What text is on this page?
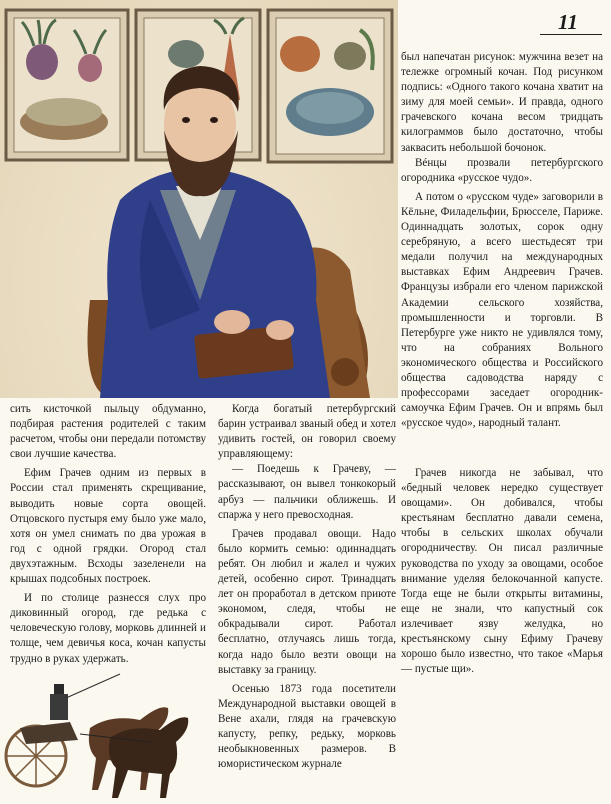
11

был напечатан рисунок: мужчина везет на тележке огромный кочан. Под рисунком подпись: «Одного такого кочана хватит на зиму для моей семьи». И правда, одного грачевского кочана весом тридцать килограммов было достаточно, чтобы заквасить небольшой бочонок.

Вéнцы прозвали петербургского огородника «русское чудо».

А потом о «русском чуде» заговорили в Кёльне, Филадельфии, Брюсселе, Париже. Одиннадцать золотых, сорок одну серебряную, а всего шестьдесят три медали получил на международных выставках Ефим Андреевич Грачев. Французы избрали его членом парижской Академии сельского хозяйства, промышленности и торговли. В Петербурге уже никто не удивлялся тому, что на собраниях Вольного экономического общества и Российского общества садоводства наряду с профессорами заседает огородник-самоучка Ефим Грачев. Он и впрямь был «русское чудо», народный талант.

сить кисточкой пыльцу обдуманно, подбирая растения родителей с таким расчетом, чтобы они передали потомству свои лучшие качества.

Ефим Грачев одним из первых в России стал применять скрещивание, выводить новые сорта овощей. Отцовского пустыря ему было уже мало, хотя он умел снимать по два урожая в год с одной грядки. Огород стал двухэтажным. Всходы зазеленели на крышах подсобных построек.

И по столице разнесся слух про диковинный огород, где редька с человеческую голову, морковь длинней и толще, чем девичья коса, кочан капусты трудно в руках удержать.

Когда богатый петербургский барин устраивал званый обед и хотел удивить гостей, он говорил своему управляющему:

— Поедешь к Грачеву, — рассказывают, он вывел тонкокорый арбуз — пальчики оближешь. И спаржа у него превосходная.

Грачев продавал овощи. Надо было кормить семью: одиннадцать ребят. Он любил и жалел и чужих детей, особенно сирот. Тринадцать лет он проработал в детском приюте экономом, следя, чтобы не обкрадывали сирот. Работал бесплатно, отлучаясь лишь тогда, когда надо было везти овощи на выставку за границу.

Осенью 1873 года посетители Международной выставки овощей в Вене ахали, глядя на грачевскую капусту, репку, редьку, морковь необыкновенных размеров. В юмористическом журнале

Грачев никогда не забывал, что «бедный человек нередко существует овощами». Он добивался, чтобы крестьянам бесплатно давали семена, чтобы в сельских школах обучали огородничеству. Он писал различные руководства по уходу за овощами, особое внимание уделяя белокочанной капусте. Тогда еще не были открыты витамины, еще не знали, что капустный сок излечивает язву желудка, но крестьянскому сыну Ефиму Грачеву хорошо было известно, что такое «Марья — пустые щи».
